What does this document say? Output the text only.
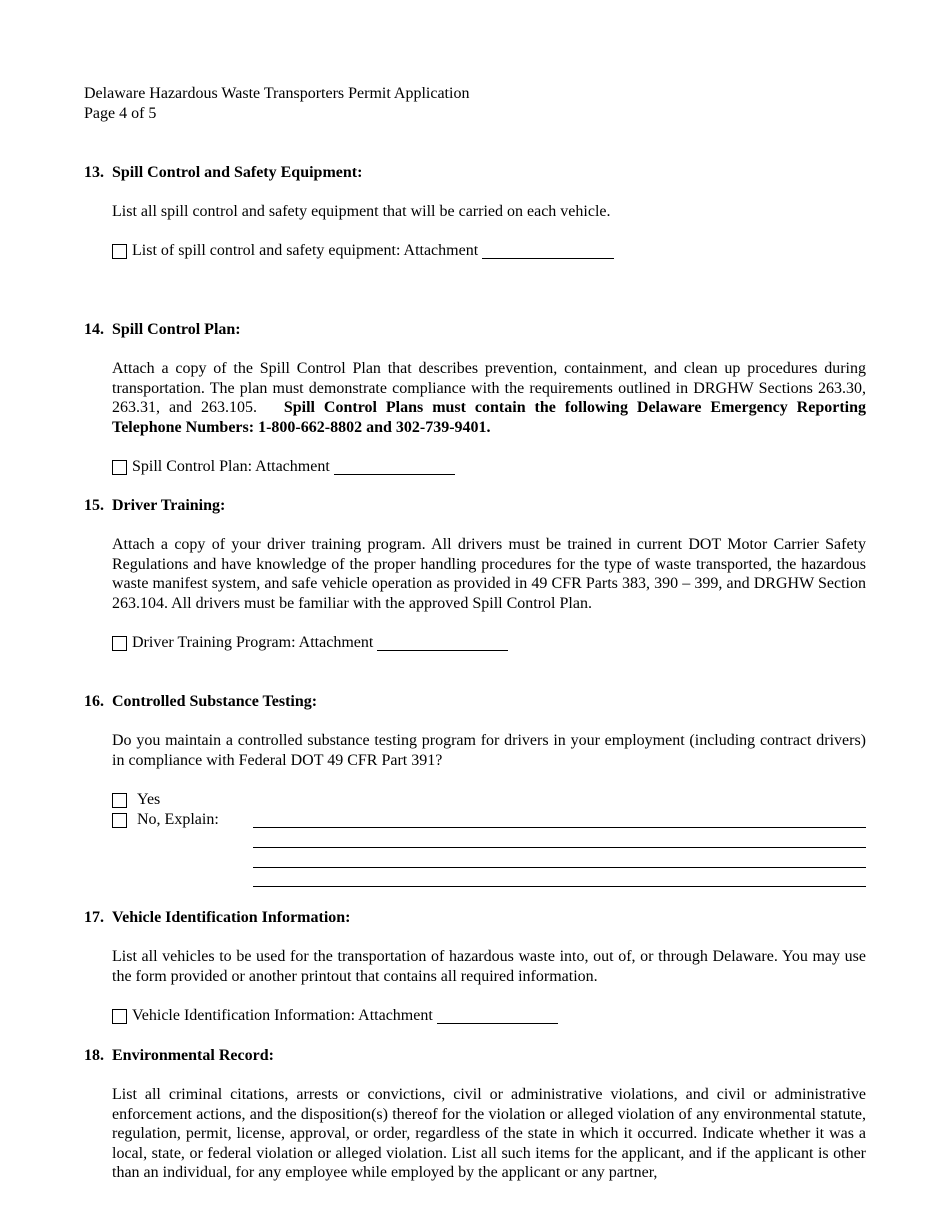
Delaware Hazardous Waste Transporters Permit Application
Page 4 of 5
13. Spill Control and Safety Equipment:
List all spill control and safety equipment that will be carried on each vehicle.
List of spill control and safety equipment: Attachment
14. Spill Control Plan:
Attach a copy of the Spill Control Plan that describes prevention, containment, and clean up procedures during transportation. The plan must demonstrate compliance with the requirements outlined in DRGHW Sections 263.30, 263.31, and 263.105. Spill Control Plans must contain the following Delaware Emergency Reporting Telephone Numbers: 1-800-662-8802 and 302-739-9401.
Spill Control Plan: Attachment
15. Driver Training:
Attach a copy of your driver training program. All drivers must be trained in current DOT Motor Carrier Safety Regulations and have knowledge of the proper handling procedures for the type of waste transported, the hazardous waste manifest system, and safe vehicle operation as provided in 49 CFR Parts 383, 390 – 399, and DRGHW Section 263.104. All drivers must be familiar with the approved Spill Control Plan.
Driver Training Program: Attachment
16. Controlled Substance Testing:
Do you maintain a controlled substance testing program for drivers in your employment (including contract drivers) in compliance with Federal DOT 49 CFR Part 391?
Yes
No, Explain:
17. Vehicle Identification Information:
List all vehicles to be used for the transportation of hazardous waste into, out of, or through Delaware. You may use the form provided or another printout that contains all required information.
Vehicle Identification Information: Attachment
18. Environmental Record:
List all criminal citations, arrests or convictions, civil or administrative violations, and civil or administrative enforcement actions, and the disposition(s) thereof for the violation or alleged violation of any environmental statute, regulation, permit, license, approval, or order, regardless of the state in which it occurred. Indicate whether it was a local, state, or federal violation or alleged violation. List all such items for the applicant, and if the applicant is other than an individual, for any employee while employed by the applicant or any partner,
